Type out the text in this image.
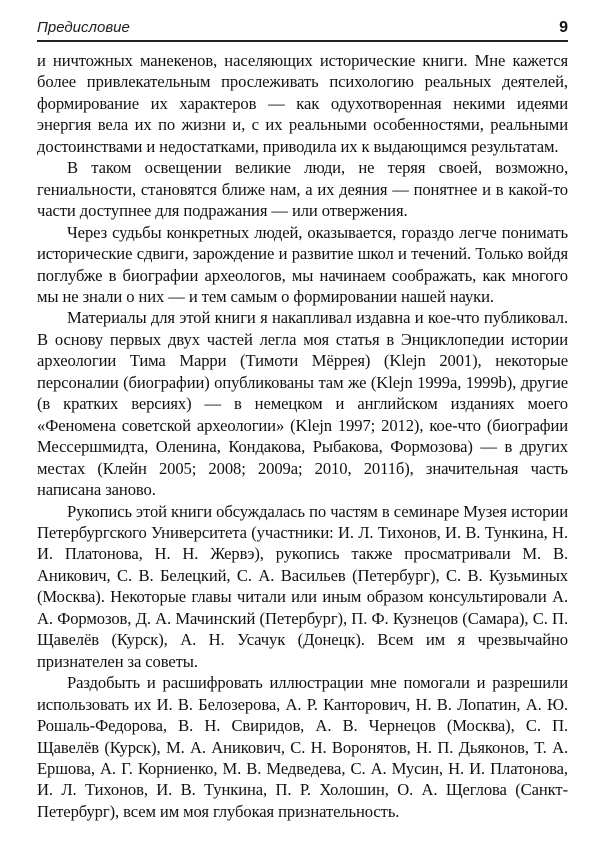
Предисловие	9

и ничтожных манекенов, населяющих исторические книги. Мне кажется более привлекательным прослеживать психологию реальных деятелей, формирование их характеров — как одухотворенная некими идеями энергия вела их по жизни и, с их реальными особенностями, реальными достоинствами и недостатками, приводила их к выдающимся результатам.

В таком освещении великие люди, не теряя своей, возможно, гениальности, становятся ближе нам, а их деяния — понятнее и в какой-то части доступнее для подражания — или отвержения.

Через судьбы конкретных людей, оказывается, гораздо легче понимать исторические сдвиги, зарождение и развитие школ и течений. Только войдя поглубже в биографии археологов, мы начинаем соображать, как многого мы не знали о них — и тем самым о формировании нашей науки.

Материалы для этой книги я накапливал издавна и кое-что публиковал. В основу первых двух частей легла моя статья в Энциклопедии истории археологии Тима Марри (Тимоти Мёррея) (Klejn 2001), некоторые персоналии (биографии) опубликованы там же (Klejn 1999a, 1999b), другие (в кратких версиях) — в немецком и английском изданиях моего «Феномена советской археологии» (Klejn 1997; 2012), кое-что (биографии Мессершмидта, Оленина, Кондакова, Рыбакова, Формозова) — в других местах (Клейн 2005; 2008; 2009а; 2010, 2011б), значительная часть написана заново.

Рукопись этой книги обсуждалась по частям в семинаре Музея истории Петербургского Университета (участники: И. Л. Тихонов, И. В. Тункина, Н. И. Платонова, Н. Н. Жервэ), рукопись также просматривали М. В. Аникович, С. В. Белецкий, С. А. Васильев (Петербург), С. В. Кузьминых (Москва). Некоторые главы читали или иным образом консультировали А. А. Формозов, Д. А. Мачинский (Петербург), П. Ф. Кузнецов (Самара), С. П. Щавелёв (Курск), А. Н. Усачук (Донецк). Всем им я чрезвычайно признателен за советы.

Раздобыть и расшифровать иллюстрации мне помогали и разрешили использовать их И. В. Белозерова, А. Р. Канторович, Н. В. Лопатин, А. Ю. Рошаль-Федорова, В. Н. Свиридов, А. В. Чернецов (Москва), С. П. Щавелёв (Курск), М. А. Аникович, С. Н. Воронятов, Н. П. Дьяконов, Т. А. Ершова, А. Г. Корниенко, М. В. Медведева, С. А. Мусин, Н. И. Платонова, И. Л. Тихонов, И. В. Тункина, П. Р. Холошин, О. А. Щеглова (Санкт-Петербург), всем им моя глубокая признательность.
